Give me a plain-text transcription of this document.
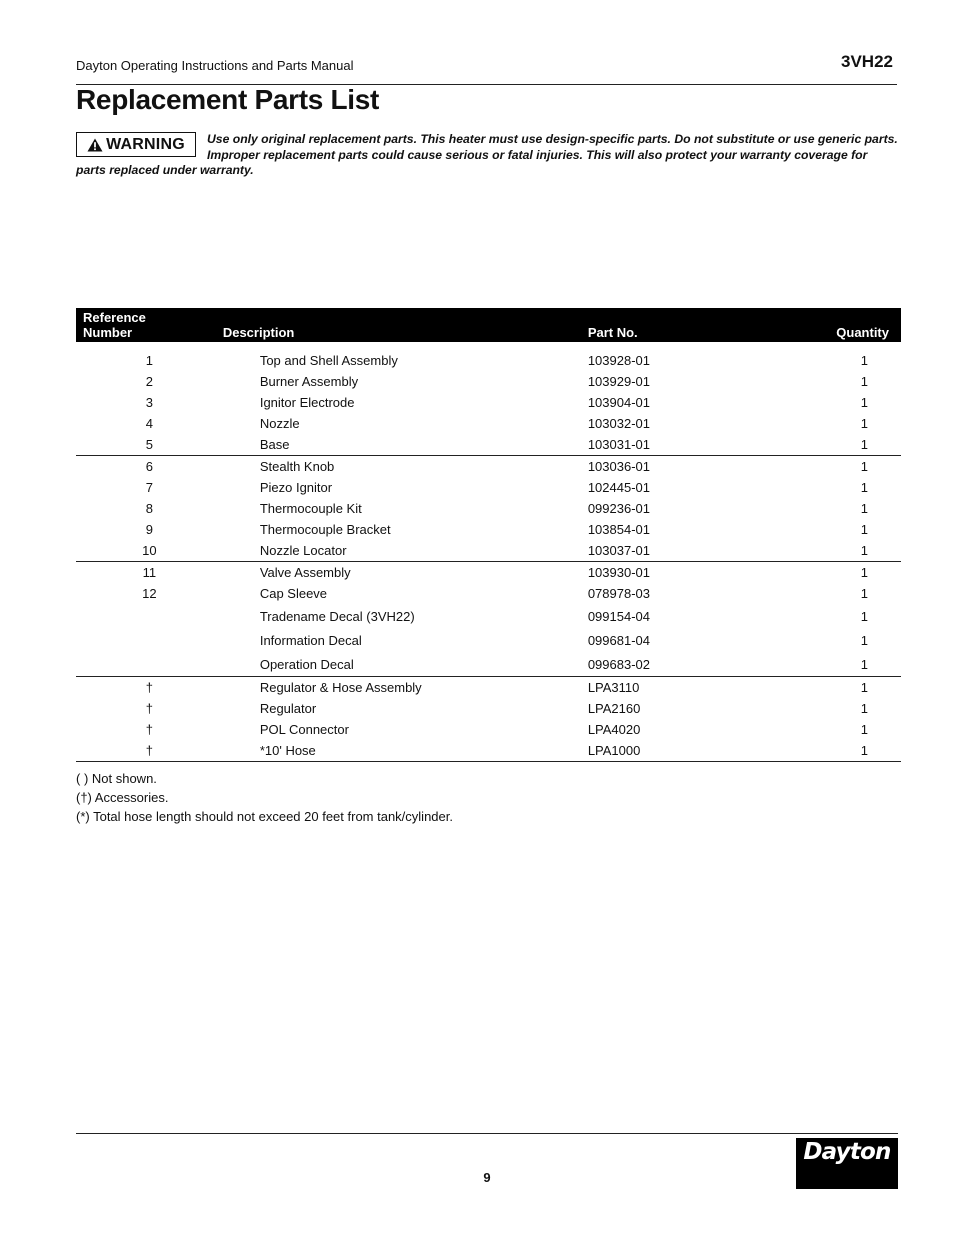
Dayton Operating Instructions and Parts Manual	3VH22
Replacement Parts List
Use only original replacement parts. This heater must use design-specific parts. Do not substitute or use generic parts. Improper replacement parts could cause serious or fatal injuries. This will also protect your warranty coverage for parts replaced under warranty.
WARNING
Reference
Number	Description	Part No.	Quantity
1	Top and Shell Assembly	103928-01	1
2	Burner Assembly	103929-01	1
3	Ignitor Electrode	103904-01	1
4	Nozzle	103032-01	1
5	Base	103031-01	1
6	Stealth Knob	103036-01	1
7	Piezo Ignitor	102445-01	1
8	Thermocouple Kit	099236-01	1
9	Thermocouple Bracket	103854-01	1
10	Nozzle Locator	103037-01	1
11	Valve Assembly	103930-01	1
12	Cap Sleeve	078978-03	1
	Tradename Decal (3VH22)	099154-04	1
	Information Decal	099681-04	1
	Operation Decal	099683-02	1
†	Regulator & Hose Assembly	LPA3110	1
†	Regulator	LPA2160	1
†	POL Connector	LPA4020	1
†	*10' Hose	LPA1000	1
( ) Not shown.
(†) Accessories.
(*) Total hose length should not exceed 20 feet from tank/cylinder.
9
Dayton
